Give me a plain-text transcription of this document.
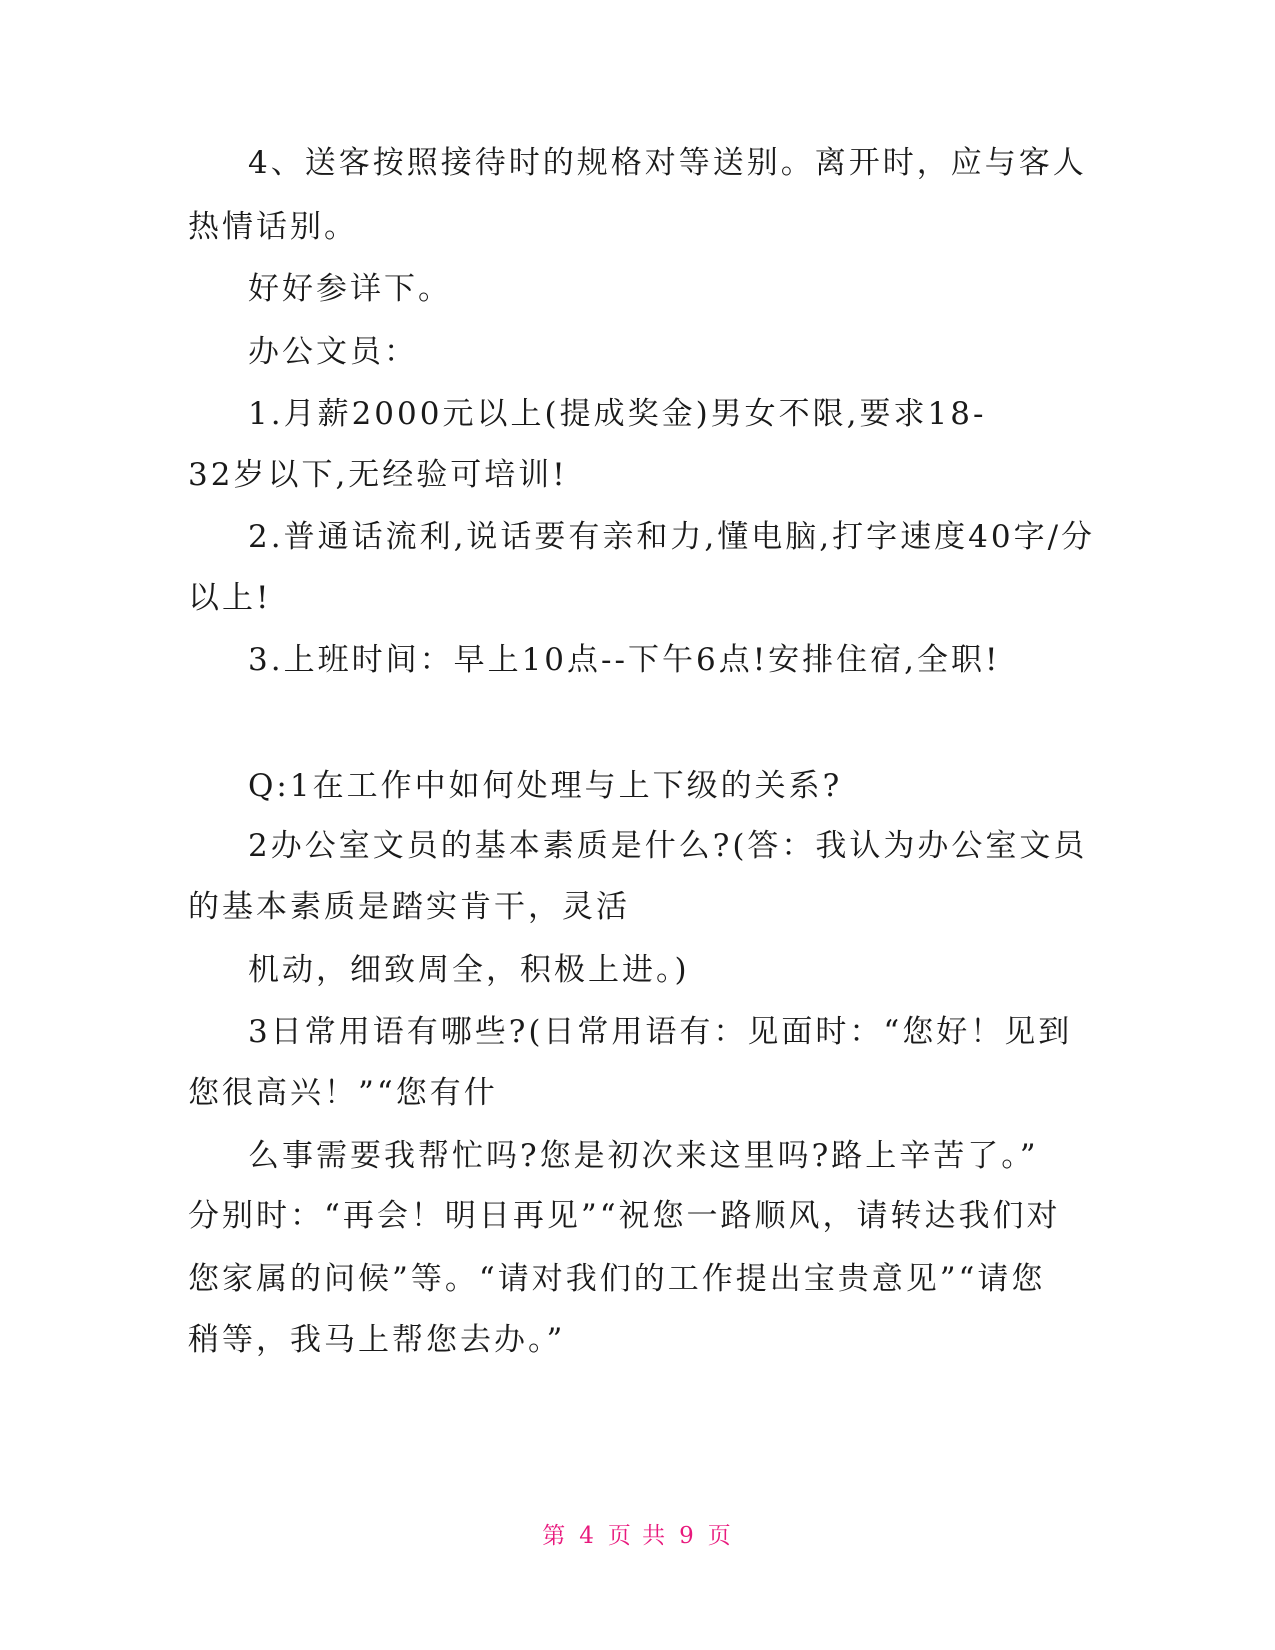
4、送客按照接待时的规格对等送别。离开时，应与客人
热情话别。
好好参详下。
办公文员：
1.月薪2000元以上(提成奖金)男女不限,要求18-
32岁以下,无经验可培训!
2.普通话流利,说话要有亲和力,懂电脑,打字速度40字/分
以上!
3.上班时间：早上10点--下午6点!安排住宿,全职!
Q:1在工作中如何处理与上下级的关系?
2办公室文员的基本素质是什么?(答：我认为办公室文员
的基本素质是踏实肯干，灵活
机动，细致周全，积极上进。)
3日常用语有哪些?(日常用语有：见面时：“您好！见到
您很高兴！”“您有什
么事需要我帮忙吗?您是初次来这里吗?路上辛苦了。”
分别时：“再会！明日再见”“祝您一路顺风，请转达我们对
您家属的问候”等。“请对我们的工作提出宝贵意见”“请您
稍等，我马上帮您去办。”
第 4 页 共 9 页
